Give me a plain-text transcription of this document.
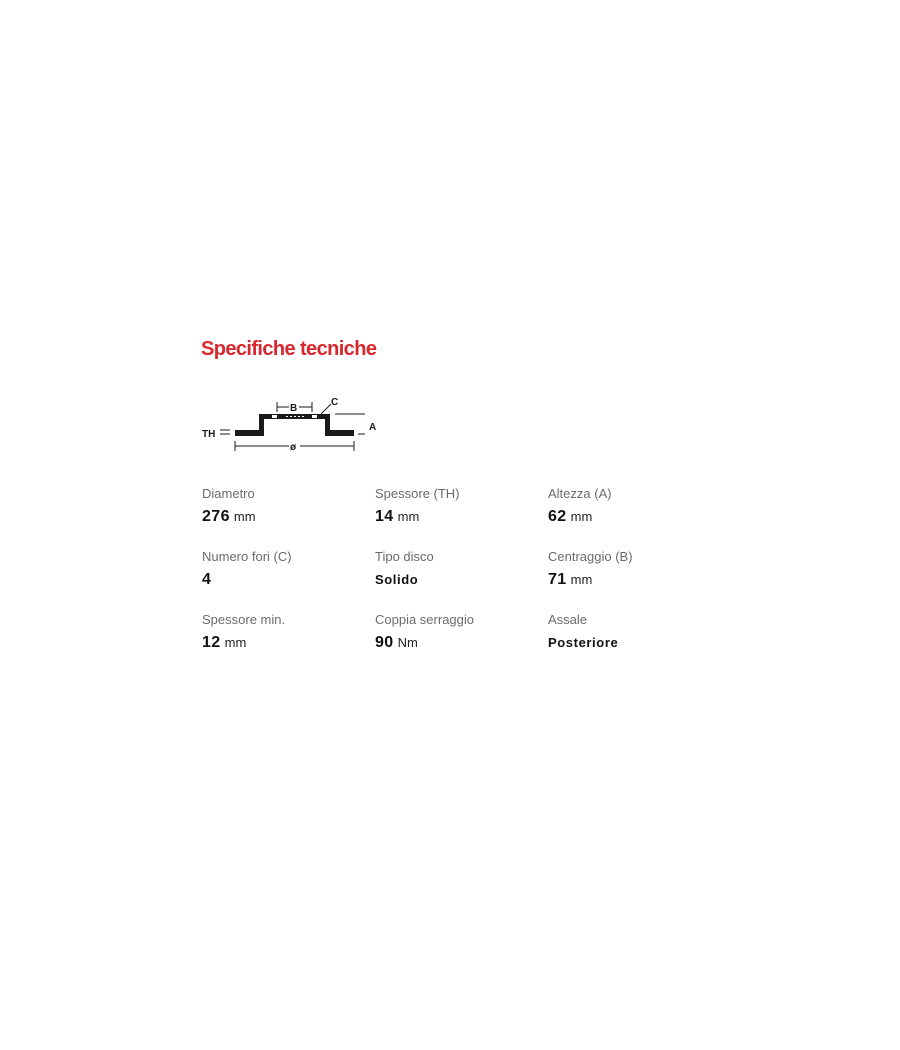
Specifiche tecniche
TH
B
C
A
ø
Diametro
276 mm
Spessore (TH)
14 mm
Altezza (A)
62 mm
Numero fori (C)
4
Tipo disco
Solido
Centraggio (B)
71 mm
Spessore min.
12 mm
Coppia serraggio
90 Nm
Assale
Posteriore
